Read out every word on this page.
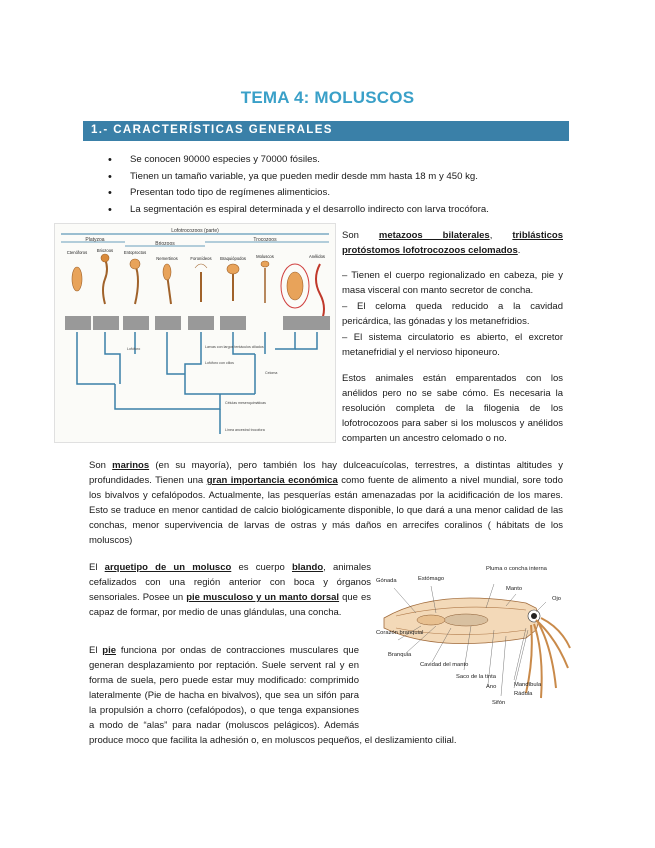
TEMA 4: MOLUSCOS
1.- CARACTERÍSTICAS GENERALES
• Se conocen 90000 especies y 70000 fósiles.
• Tienen un tamaño variable, ya que pueden medir desde mm hasta 18 m y 450 kg.
• Presentan todo tipo de regímenes alimenticios.
• La segmentación es espiral determinada y el desarrollo indirecto con larva trocófora.
Lofotrocozoos (parte)
Platyzoa
Briozoos
Trocozoos
Ctenóforos Briozoos	Entoproctos
Nemertinos	Foronídeos Braquiópodos Moluscos	Anélidos
Larvas con largos tentáculos ciliados
Lofóforo con cilios
Lofóforo
Celoma
Células mesenquimáticas
Línea ancestral trocofora

Son metazoos bilaterales, triblásticos protóstomos lofotrocozoos celomados.

– Tienen el cuerpo regionalizado en cabeza, pie y masa visceral con manto secretor de concha.

– El celoma queda reducido a la cavidad pericárdica, las gónadas y los metanefridios.

– El sistema circulatorio es abierto, el excretor metanefridial y el nervioso hiponeuro.

Estos animales están emparentados con los anélidos pero no se sabe cómo. Es necesaria la resolución completa de la filogenia de los lofotrocozoos para saber si los moluscos y anélidos comparten un ancestro celomado o no.

Son marinos (en su mayoría), pero también los hay dulceacuícolas, terrestres, a distintas altitudes y profundidades. Tienen una gran importancia económica como fuente de alimento a nivel mundial, sore todo los bivalvos y cefalópodos. Actualmente, las pesquerías están amenazadas por la acidificación de los mares. Esto se traduce en menor cantidad de calcio biológicamente disponible, lo que dará a una menor calidad de las conchas, menor supervivencia de larvas de ostras y más daños en arrecifes coralinos ( hábitats de los moluscos)

El arquetipo de un molusco es cuerpo blando, animales cefalizados con una región anterior con boca y órganos sensoriales. Posee un pie musculoso y un manto dorsal que es capaz de formar, por medio de unas glándulas, una concha.

Gónada	Estómago
Pluma o concha interna
Manto
Ojo
Corazón branquial
Branquia
Cavidad del manto
Saco de la tinta
Ano	Mandíbula
Rádula
Sifón

El pie funciona por ondas de contracciones musculares que generan desplazamiento por reptación. Suele servent ral y en forma de suela, pero puede estar muy modificado: comprimido lateralmente (Pie de hacha en bivalvos), que sea un sifón para la propulsión a chorro (cefalópodos), o que tenga expansiones a modo de “alas” para nadar (moluscos pelágicos). Además produce moco que facilita la adhesión o, en moluscos pequeños, el deslizamiento cilial.
